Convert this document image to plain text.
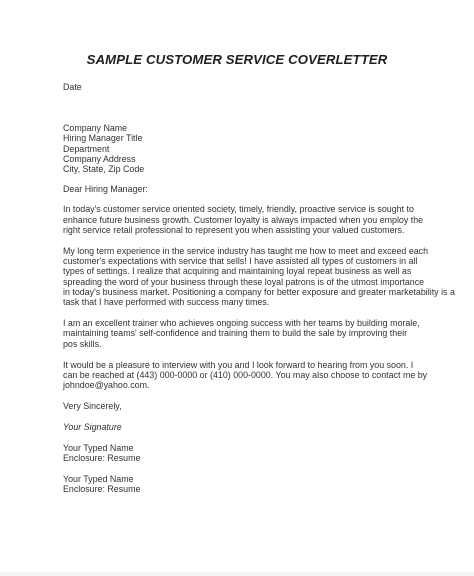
SAMPLE CUSTOMER SERVICE COVERLETTER
Date
Company Name
Hiring Manager Title
Department
Company Address
City, State, Zip Code
Dear Hiring Manager:
In today's customer service oriented society, timely, friendly, proactive service is sought to
enhance future business growth. Customer loyalty is always impacted when you employ the
right service retail professional to represent you when assisting your valued customers.
My long term experience in the service industry has taught me how to meet and exceed each
customer's expectations with service that sells! I have assisted all types of customers in all
types of settings. I realize that acquiring and maintaining loyal repeat business as well as
spreading the word of your business through these loyal patrons is of the utmost importance
in today's business market. Positioning a company for better exposure and greater marketability is a
task that I have performed with success many times.
I am an excellent trainer who achieves ongoing success with her teams by building morale,
maintaining teams' self-confidence and training them to build the sale by improving their
pos skills.
It would be a pleasure to interview with you and I look forward to hearing from you soon. I
can be reached at (443) 000-0000 or (410) 000-0000. You may also choose to contact me by
johndoe@yahoo.com.
Very Sincerely,
Your Signature
Your Typed Name
Enclosure: Resume
Your Typed Name
Enclosure: Resume
